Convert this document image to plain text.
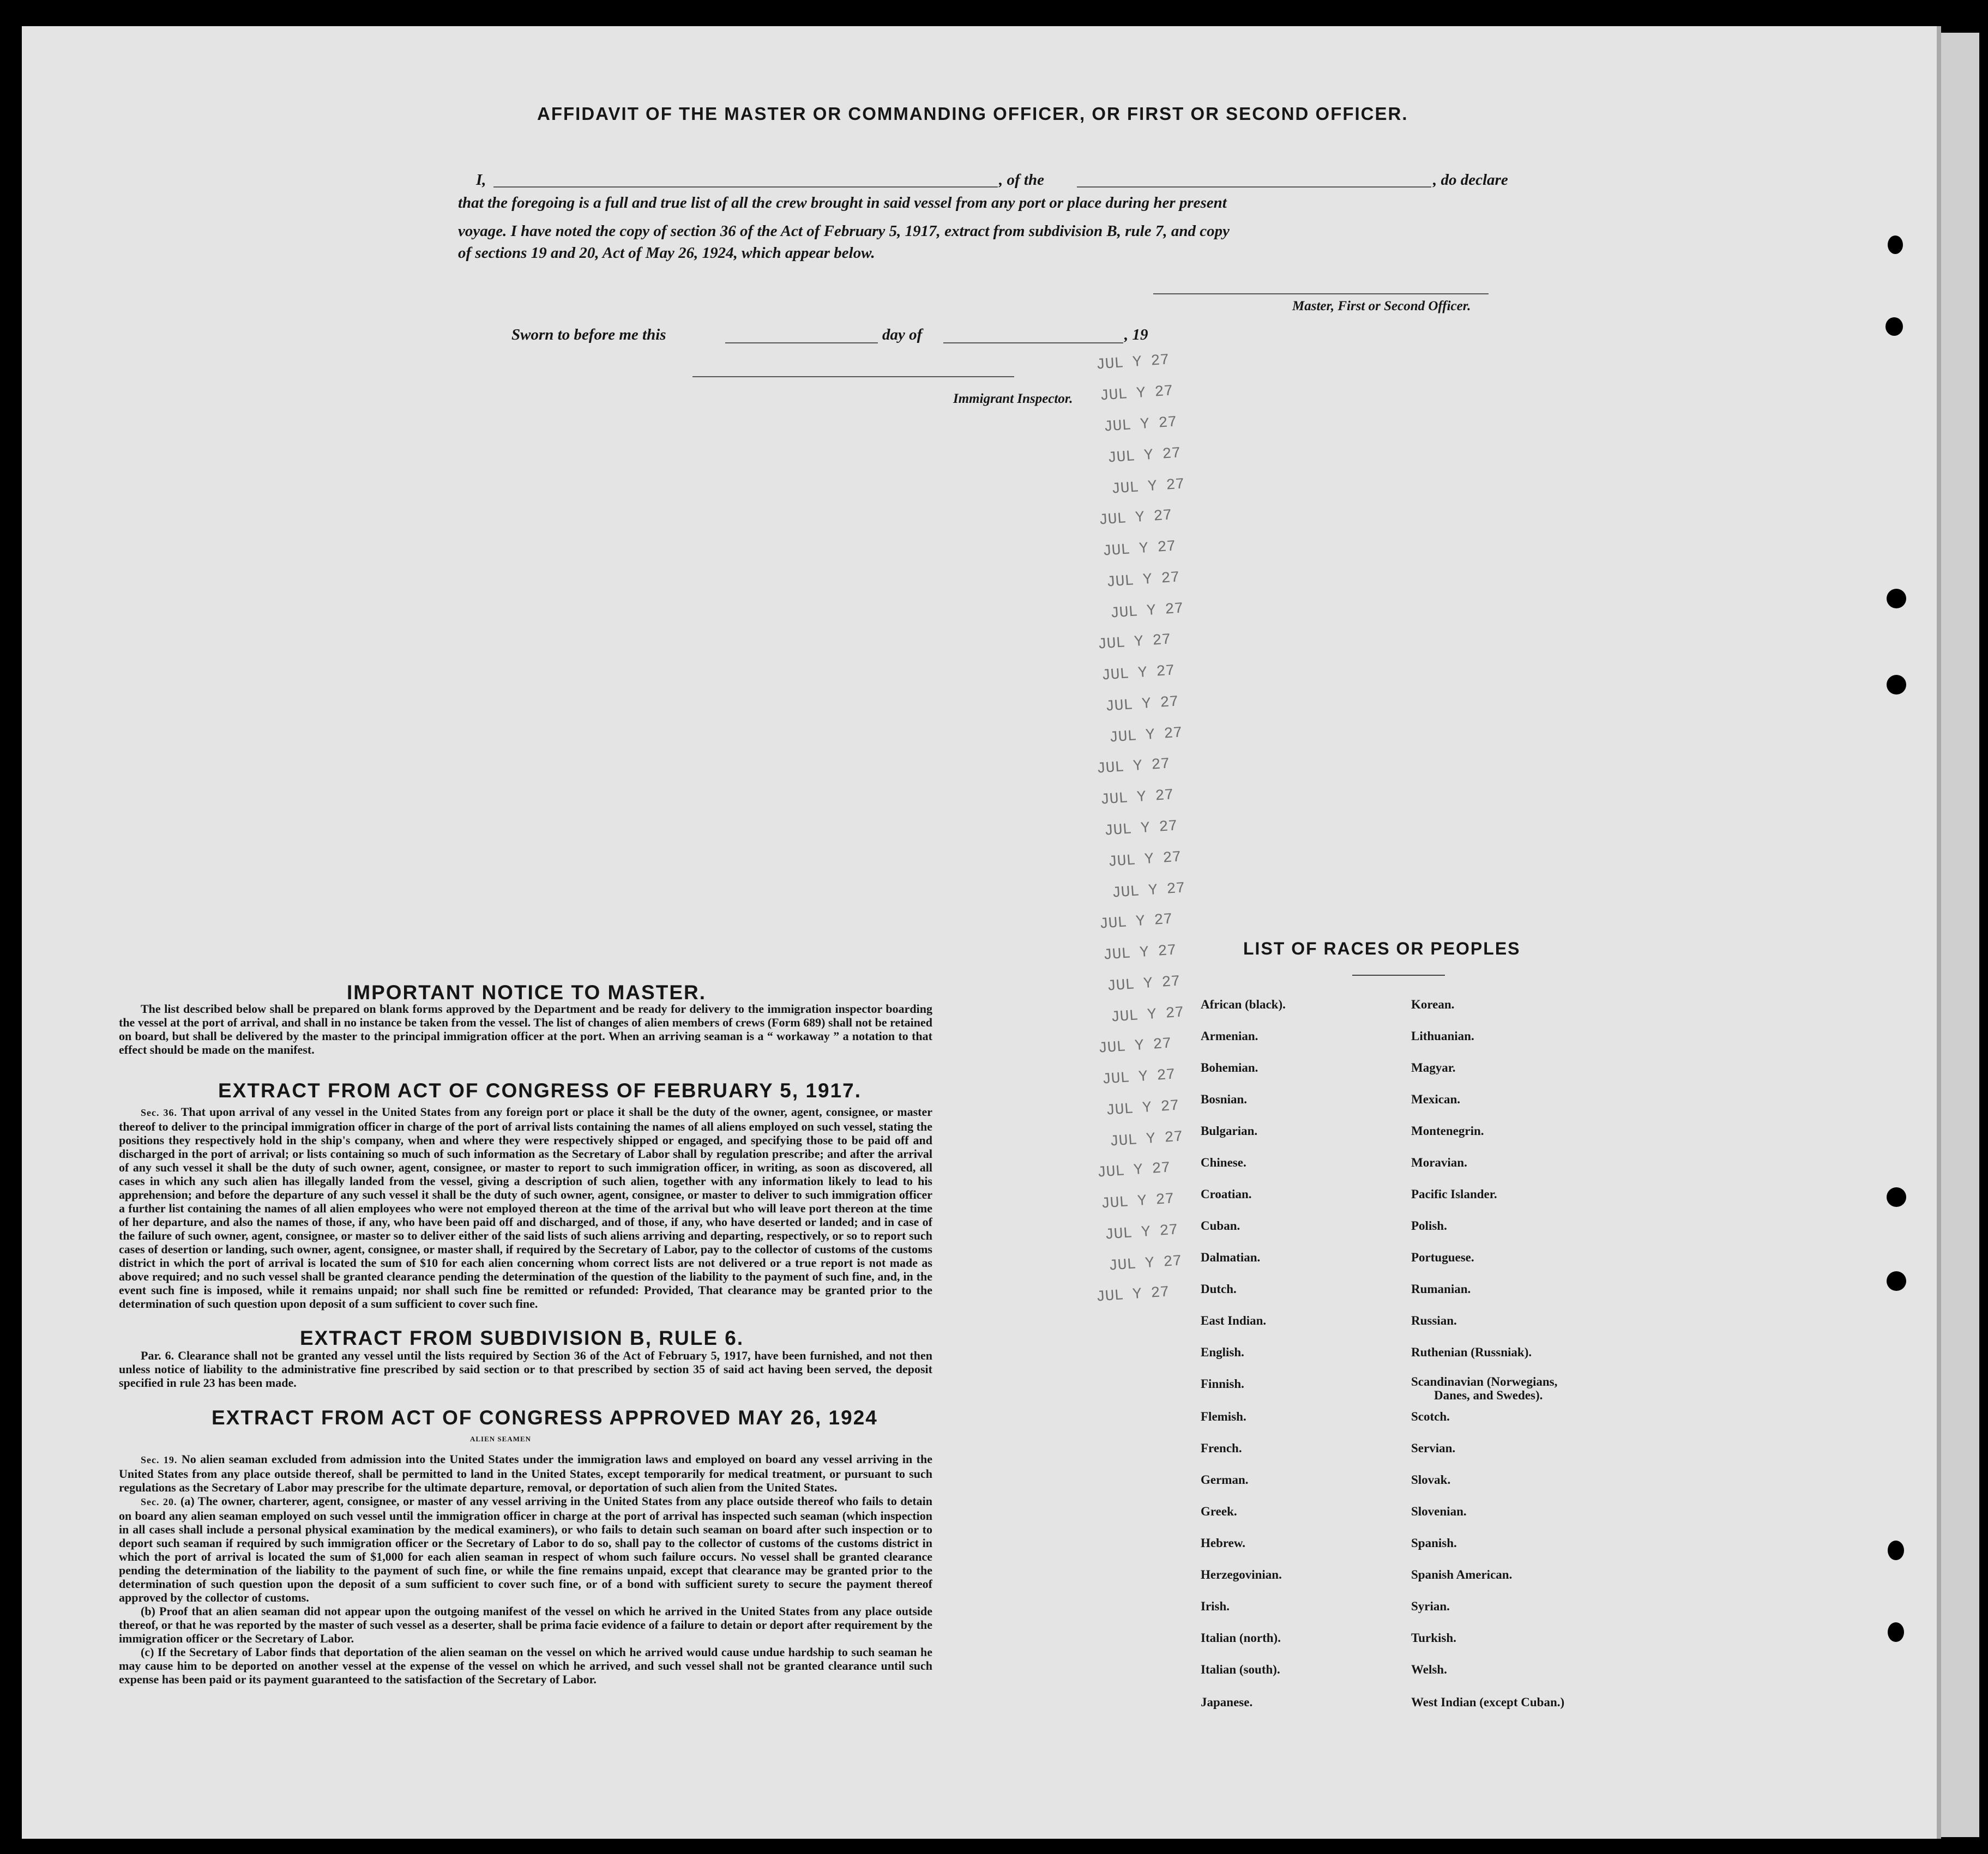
JUL Y 27
JUL Y 27
JUL Y 27
JUL Y 27
JUL Y 27
JUL Y 27
JUL Y 27
JUL Y 27
JUL Y 27
JUL Y 27
JUL Y 27
JUL Y 27
JUL Y 27
JUL Y 27
JUL Y 27
JUL Y 27
JUL Y 27
JUL Y 27
JUL Y 27
JUL Y 27
JUL Y 27
JUL Y 27
JUL Y 27
JUL Y 27
JUL Y 27
JUL Y 27
JUL Y 27
JUL Y 27
JUL Y 27
JUL Y 27
JUL Y 27
AFFIDAVIT OF THE MASTER OR COMMANDING OFFICER, OR FIRST OR SECOND OFFICER.
I,	, of the	, do declare
that the foregoing is a full and true list of all the crew brought in said vessel from any port or place during her present
voyage. I have noted the copy of section 36 of the Act of February 5, 1917, extract from subdivision B, rule 7, and copy
of sections 19 and 20, Act of May 26, 1924, which appear below.
Master, First or Second Officer.
Sworn to before me this	day of	, 19
Immigrant Inspector.
IMPORTANT NOTICE TO MASTER.

The list described below shall be prepared on blank forms approved by the Department and be ready for delivery to the immigration inspector boarding the vessel at the port of arrival, and shall in no instance be taken from the vessel. The list of changes of alien members of crews (Form 689) shall not be retained on board, but shall be delivered by the master to the principal immigration officer at the port. When an arriving seaman is a “ workaway ” a notation to that effect should be made on the manifest.

EXTRACT FROM ACT OF CONGRESS OF FEBRUARY 5, 1917.

Sec. 36. That upon arrival of any vessel in the United States from any foreign port or place it shall be the duty of the owner, agent, consignee, or master thereof to deliver to the principal immigration officer in charge of the port of arrival lists containing the names of all aliens employed on such vessel, stating the positions they respectively hold in the ship's company, when and where they were respectively shipped or engaged, and specifying those to be paid off and discharged in the port of arrival; or lists containing so much of such information as the Secretary of Labor shall by regulation prescribe; and after the arrival of any such vessel it shall be the duty of such owner, agent, consignee, or master to report to such immigration officer, in writing, as soon as discovered, all cases in which any such alien has illegally landed from the vessel, giving a description of such alien, together with any information likely to lead to his apprehension; and before the departure of any such vessel it shall be the duty of such owner, agent, consignee, or master to deliver to such immigration officer a further list containing the names of all alien employees who were not employed thereon at the time of the arrival but who will leave port thereon at the time of her departure, and also the names of those, if any, who have been paid off and discharged, and of those, if any, who have deserted or landed; and in case of the failure of such owner, agent, consignee, or master so to deliver either of the said lists of such aliens arriving and departing, respectively, or so to report such cases of desertion or landing, such owner, agent, consignee, or master shall, if required by the Secretary of Labor, pay to the collector of customs of the customs district in which the port of arrival is located the sum of $10 for each alien concerning whom correct lists are not delivered or a true report is not made as above required; and no such vessel shall be granted clearance pending the determination of the question of the liability to the payment of such fine, and, in the event such fine is imposed, while it remains unpaid; nor shall such fine be remitted or refunded: Provided, That clearance may be granted prior to the determination of such question upon deposit of a sum sufficient to cover such fine.

EXTRACT FROM SUBDIVISION B, RULE 6.

Par. 6. Clearance shall not be granted any vessel until the lists required by Section 36 of the Act of February 5, 1917, have been furnished, and not then unless notice of liability to the administrative fine prescribed by said section or to that prescribed by section 35 of said act having been served, the deposit specified in rule 23 has been made.

EXTRACT FROM ACT OF CONGRESS APPROVED MAY 26, 1924
ALIEN SEAMEN

Sec. 19. No alien seaman excluded from admission into the United States under the immigration laws and employed on board any vessel arriving in the United States from any place outside thereof, shall be permitted to land in the United States, except temporarily for medical treatment, or pursuant to such regulations as the Secretary of Labor may prescribe for the ultimate departure, removal, or deportation of such alien from the United States.

Sec. 20. (a) The owner, charterer, agent, consignee, or master of any vessel arriving in the United States from any place outside thereof who fails to detain on board any alien seaman employed on such vessel until the immigration officer in charge at the port of arrival has inspected such seaman (which inspection in all cases shall include a personal physical examination by the medical examiners), or who fails to detain such seaman on board after such inspection or to deport such seaman if required by such immigration officer or the Secretary of Labor to do so, shall pay to the collector of customs of the customs district in which the port of arrival is located the sum of $1,000 for each alien seaman in respect of whom such failure occurs. No vessel shall be granted clearance pending the determination of the liability to the payment of such fine, or while the fine remains unpaid, except that clearance may be granted prior to the determination of such question upon the deposit of a sum sufficient to cover such fine, or of a bond with sufficient surety to secure the payment thereof approved by the collector of customs.

(b) Proof that an alien seaman did not appear upon the outgoing manifest of the vessel on which he arrived in the United States from any place outside thereof, or that he was reported by the master of such vessel as a deserter, shall be prima facie evidence of a failure to detain or deport after requirement by the immigration officer or the Secretary of Labor.

(c) If the Secretary of Labor finds that deportation of the alien seaman on the vessel on which he arrived would cause undue hardship to such seaman he may cause him to be deported on another vessel at the expense of the vessel on which he arrived, and such vessel shall not be granted clearance until such expense has been paid or its payment guaranteed to the satisfaction of the Secretary of Labor.

LIST OF RACES OR PEOPLES
African (black).
Armenian.
Bohemian.
Bosnian.
Bulgarian.
Chinese.
Croatian.
Cuban.
Dalmatian.
Dutch.
East Indian.
English.
Finnish.
Flemish.
French.
German.
Greek.
Hebrew.
Herzegovinian.
Irish.
Italian (north).
Italian (south).
Japanese.
Korean.
Lithuanian.
Magyar.
Mexican.
Montenegrin.
Moravian.
Pacific Islander.
Polish.
Portuguese.
Rumanian.
Russian.
Ruthenian (Russniak).
Scandinavian (Norwegians,
Scotch.
Servian.
Slovak.
Slovenian.
Spanish.
Spanish American.
Syrian.
Turkish.
Welsh.
West Indian (except Cuban.)
Danes, and Swedes).
